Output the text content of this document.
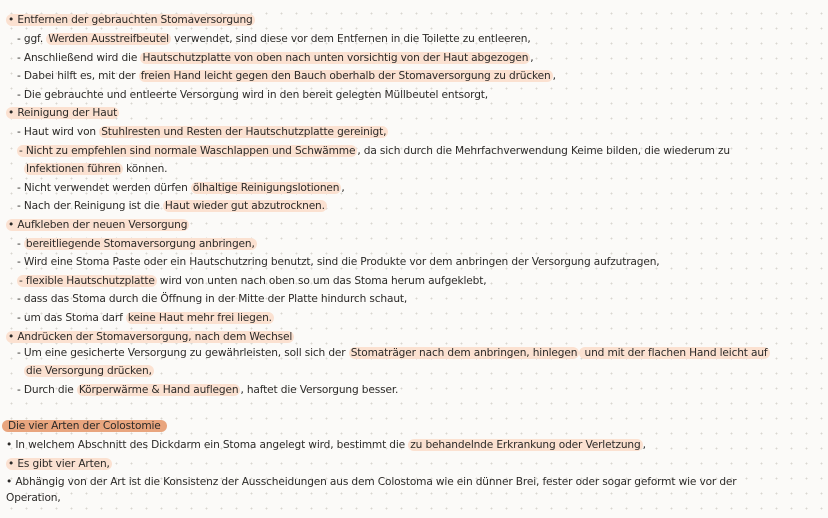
• Entfernen der gebrauchten Stomaversorgung
- ggf. Werden Ausstreifbeutel verwendet, sind diese vor dem Entfernen in die Toilette zu entleeren,
- Anschließend wird die Hautschutzplatte von oben nach unten vorsichtig von der Haut abgezogen ,
- Dabei hilft es, mit der freien Hand leicht gegen den Bauch oberhalb der Stomaversorgung zu drücken ,
- Die gebrauchte und entleerte Versorgung wird in den bereit gelegten Müllbeutel entsorgt,
• Reinigung der Haut
- Haut wird von Stuhlresten und Resten der Hautschutzplatte gereinigt,
- Nicht zu empfehlen sind normale Waschlappen und Schwämme , da sich durch die Mehrfachverwendung Keime bilden, die wiederum zu
Infektionen führen können.
- Nicht verwendet werden dürfen ölhaltige Reinigungslotionen ,
- Nach der Reinigung ist die Haut wieder gut abzutrocknen.
• Aufkleben der neuen Versorgung
- bereitliegende Stomaversorgung anbringen,
- Wird eine Stoma Paste oder ein Hautschutzring benutzt, sind die Produkte vor dem anbringen der Versorgung aufzutragen,
- flexible Hautschutzplatte wird von unten nach oben so um das Stoma herum aufgeklebt,
- dass das Stoma durch die Öffnung in der Mitte der Platte hindurch schaut,
- um das Stoma darf keine Haut mehr frei liegen.
• Andrücken der Stomaversorgung, nach dem Wechsel
- Um eine gesicherte Versorgung zu gewährleisten, soll sich der Stomaträger nach dem anbringen, hinlegen und mit der flachen Hand leicht auf
die Versorgung drücken,
- Durch die Körperwärme & Hand auflegen , haftet die Versorgung besser.
Die vier Arten der Colostomie
• In welchem Abschnitt des Dickdarm ein Stoma angelegt wird, bestimmt die zu behandelnde Erkrankung oder Verletzung ,
• Es gibt vier Arten,
• Abhängig von der Art ist die Konsistenz der Ausscheidungen aus dem Colostoma wie ein dünner Brei, fester oder sogar geformt wie vor der
Operation,
